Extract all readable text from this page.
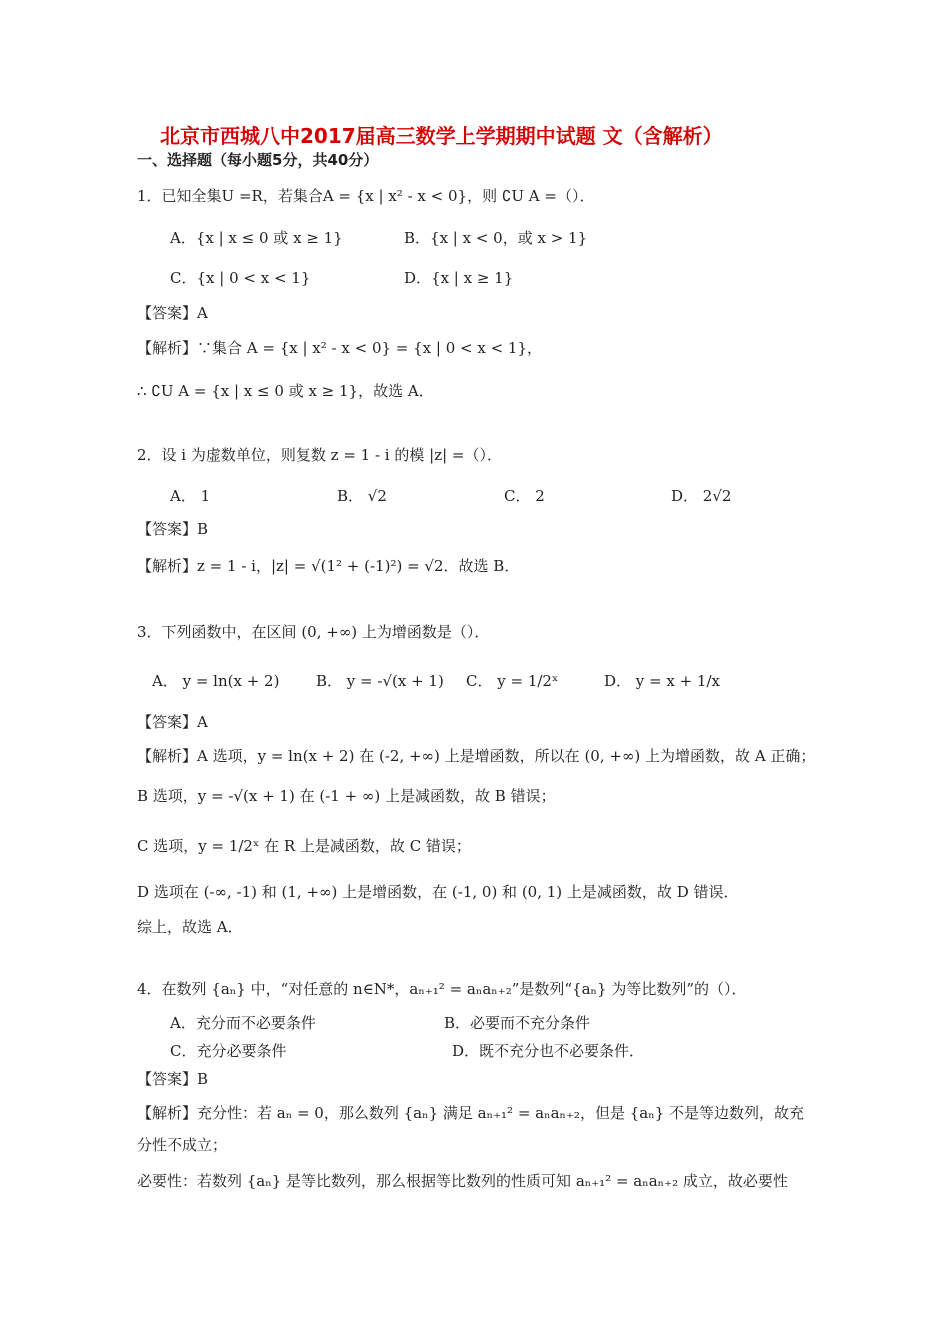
北京市西城八中2017届高三数学上学期期中试题 文（含解析）
一、选择题（每小题5分，共40分）
1．已知全集U =R，若集合A = {x | x² - x < 0}，则 ∁U A =（）．
A．{x | x ≤ 0 或 x ≥ 1}	B．{x | x < 0，或 x > 1}
C．{x | 0 < x < 1}	D．{x | x ≥ 1}
【答案】A
【解析】∵集合 A = {x | x² - x < 0} = {x | 0 < x < 1}，
∴ ∁U A = {x | x ≤ 0 或 x ≥ 1}，故选 A．
2．设 i 为虚数单位，则复数 z = 1 - i 的模 |z| =（）．
A． 1	B． √2	C． 2	D． 2√2
【答案】B
【解析】z = 1 - i，|z| = √(1² + (-1)²) = √2．故选 B．
3．下列函数中，在区间 (0, +∞) 上为增函数是（）．
A． y = ln(x + 2) B． y = -√(x + 1) C． y = 1/2ˣ	D． y = x + 1/x
【答案】A
【解析】A 选项，y = ln(x + 2) 在 (-2, +∞) 上是增函数，所以在 (0, +∞) 上为增函数，故 A 正确；
B 选项，y = -√(x + 1) 在 (-1 + ∞) 上是减函数，故 B 错误；
C 选项，y = 1/2ˣ 在 R 上是减函数，故 C 错误；
D 选项在 (-∞, -1) 和 (1, +∞) 上是增函数，在 (-1, 0) 和 (0, 1) 上是减函数，故 D 错误．
综上，故选 A．
4．在数列 {aₙ} 中，“对任意的 n∈N*，aₙ₊₁² = aₙaₙ₊₂”是数列“{aₙ} 为等比数列”的（）．
A．充分而不必要条件	B．必要而不充分条件
C．充分必要条件	D．既不充分也不必要条件．
【答案】B
【解析】充分性：若 aₙ = 0，那么数列 {aₙ} 满足 aₙ₊₁² = aₙaₙ₊₂，但是 {aₙ} 不是等边数列，故充
分性不成立；
必要性：若数列 {aₙ} 是等比数列，那么根据等比数列的性质可知 aₙ₊₁² = aₙaₙ₊₂ 成立，故必要性
